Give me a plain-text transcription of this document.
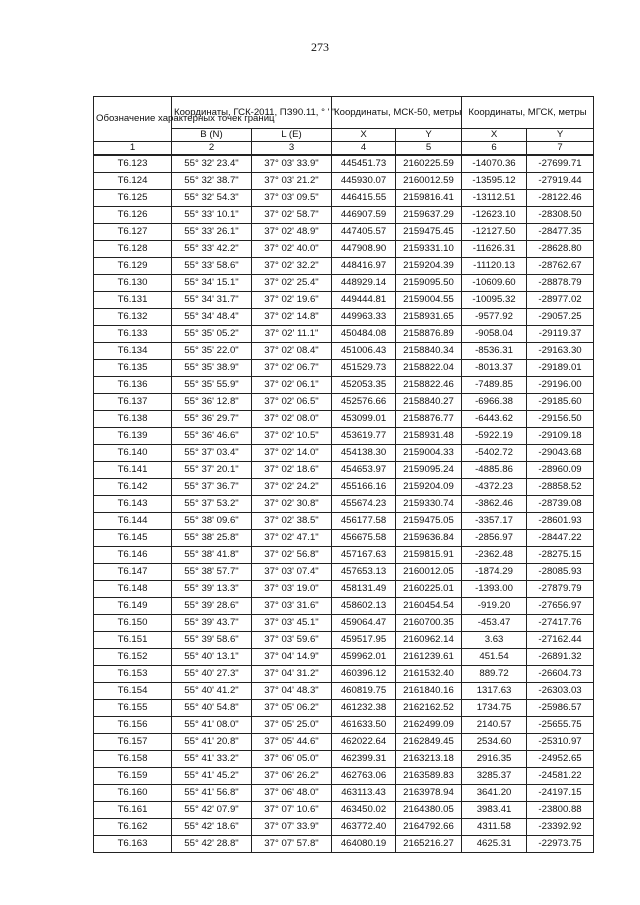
273
Обозначение характерных точек границ	Координаты, ГСК-2011, ПЗ90.11, ° ' "		Координаты, МСК-50, метры		Координаты, МГСК, метры	
	B (N)	L (E)	X	Y	X	Y
1	2	3	4	5	6	7
Т6.123	55° 32' 23.4"	37° 03' 33.9"	445451.73	2160225.59	-14070.36	-27699.71
Т6.124	55° 32' 38.7"	37° 03' 21.2"	445930.07	2160012.59	-13595.12	-27919.44
Т6.125	55° 32' 54.3"	37° 03' 09.5"	446415.55	2159816.41	-13112.51	-28122.46
Т6.126	55° 33' 10.1"	37° 02' 58.7"	446907.59	2159637.29	-12623.10	-28308.50
Т6.127	55° 33' 26.1"	37° 02' 48.9"	447405.57	2159475.45	-12127.50	-28477.35
Т6.128	55° 33' 42.2"	37° 02' 40.0"	447908.90	2159331.10	-11626.31	-28628.80
Т6.129	55° 33' 58.6"	37° 02' 32.2"	448416.97	2159204.39	-11120.13	-28762.67
Т6.130	55° 34' 15.1"	37° 02' 25.4"	448929.14	2159095.50	-10609.60	-28878.79
Т6.131	55° 34' 31.7"	37° 02' 19.6"	449444.81	2159004.55	-10095.32	-28977.02
Т6.132	55° 34' 48.4"	37° 02' 14.8"	449963.33	2158931.65	-9577.92	-29057.25
Т6.133	55° 35' 05.2"	37° 02' 11.1"	450484.08	2158876.89	-9058.04	-29119.37
Т6.134	55° 35' 22.0"	37° 02' 08.4"	451006.43	2158840.34	-8536.31	-29163.30
Т6.135	55° 35' 38.9"	37° 02' 06.7"	451529.73	2158822.04	-8013.37	-29189.01
Т6.136	55° 35' 55.9"	37° 02' 06.1"	452053.35	2158822.46	-7489.85	-29196.00
Т6.137	55° 36' 12.8"	37° 02' 06.5"	452576.66	2158840.27	-6966.38	-29185.60
Т6.138	55° 36' 29.7"	37° 02' 08.0"	453099.01	2158876.77	-6443.62	-29156.50
Т6.139	55° 36' 46.6"	37° 02' 10.5"	453619.77	2158931.48	-5922.19	-29109.18
Т6.140	55° 37' 03.4"	37° 02' 14.0"	454138.30	2159004.33	-5402.72	-29043.68
Т6.141	55° 37' 20.1"	37° 02' 18.6"	454653.97	2159095.24	-4885.86	-28960.09
Т6.142	55° 37' 36.7"	37° 02' 24.2"	455166.16	2159204.09	-4372.23	-28858.52
Т6.143	55° 37' 53.2"	37° 02' 30.8"	455674.23	2159330.74	-3862.46	-28739.08
Т6.144	55° 38' 09.6"	37° 02' 38.5"	456177.58	2159475.05	-3357.17	-28601.93
Т6.145	55° 38' 25.8"	37° 02' 47.1"	456675.58	2159636.84	-2856.97	-28447.22
Т6.146	55° 38' 41.8"	37° 02' 56.8"	457167.63	2159815.91	-2362.48	-28275.15
Т6.147	55° 38' 57.7"	37° 03' 07.4"	457653.13	2160012.05	-1874.29	-28085.93
Т6.148	55° 39' 13.3"	37° 03' 19.0"	458131.49	2160225.01	-1393.00	-27879.79
Т6.149	55° 39' 28.6"	37° 03' 31.6"	458602.13	2160454.54	-919.20	-27656.97
Т6.150	55° 39' 43.7"	37° 03' 45.1"	459064.47	2160700.35	-453.47	-27417.76
Т6.151	55° 39' 58.6"	37° 03' 59.6"	459517.95	2160962.14	3.63	-27162.44
Т6.152	55° 40' 13.1"	37° 04' 14.9"	459962.01	2161239.61	451.54	-26891.32
Т6.153	55° 40' 27.3"	37° 04' 31.2"	460396.12	2161532.40	889.72	-26604.73
Т6.154	55° 40' 41.2"	37° 04' 48.3"	460819.75	2161840.16	1317.63	-26303.03
Т6.155	55° 40' 54.8"	37° 05' 06.2"	461232.38	2162162.52	1734.75	-25986.57
Т6.156	55° 41' 08.0"	37° 05' 25.0"	461633.50	2162499.09	2140.57	-25655.75
Т6.157	55° 41' 20.8"	37° 05' 44.6"	462022.64	2162849.45	2534.60	-25310.97
Т6.158	55° 41' 33.2"	37° 06' 05.0"	462399.31	2163213.18	2916.35	-24952.65
Т6.159	55° 41' 45.2"	37° 06' 26.2"	462763.06	2163589.83	3285.37	-24581.22
Т6.160	55° 41' 56.8"	37° 06' 48.0"	463113.43	2163978.94	3641.20	-24197.15
Т6.161	55° 42' 07.9"	37° 07' 10.6"	463450.02	2164380.05	3983.41	-23800.88
Т6.162	55° 42' 18.6"	37° 07' 33.9"	463772.40	2164792.66	4311.58	-23392.92
Т6.163	55° 42' 28.8"	37° 07' 57.8"	464080.19	2165216.27	4625.31	-22973.75
